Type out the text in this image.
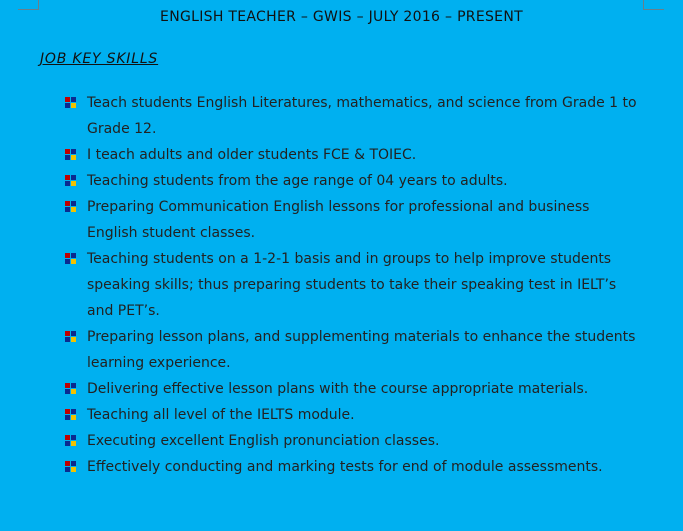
ENGLISH TEACHER – GWIS – JULY 2016 – PRESENT
JOB KEY SKILLS
Teach students English Literatures, mathematics, and science from Grade 1 to Grade 12.
I teach adults and older students FCE & TOIEC.
Teaching students from the age range of 04 years to adults.
Preparing Communication English lessons for professional and business English student classes.
Teaching students on a 1-2-1 basis and in groups to help improve students speaking skills; thus preparing students to take their speaking test in IELT’s and PET’s.
Preparing lesson plans, and supplementing materials to enhance the students learning experience.
Delivering effective lesson plans with the course appropriate materials.
Teaching all level of the IELTS module.
Executing excellent English pronunciation classes.
Effectively conducting and marking tests for end of module assessments.
